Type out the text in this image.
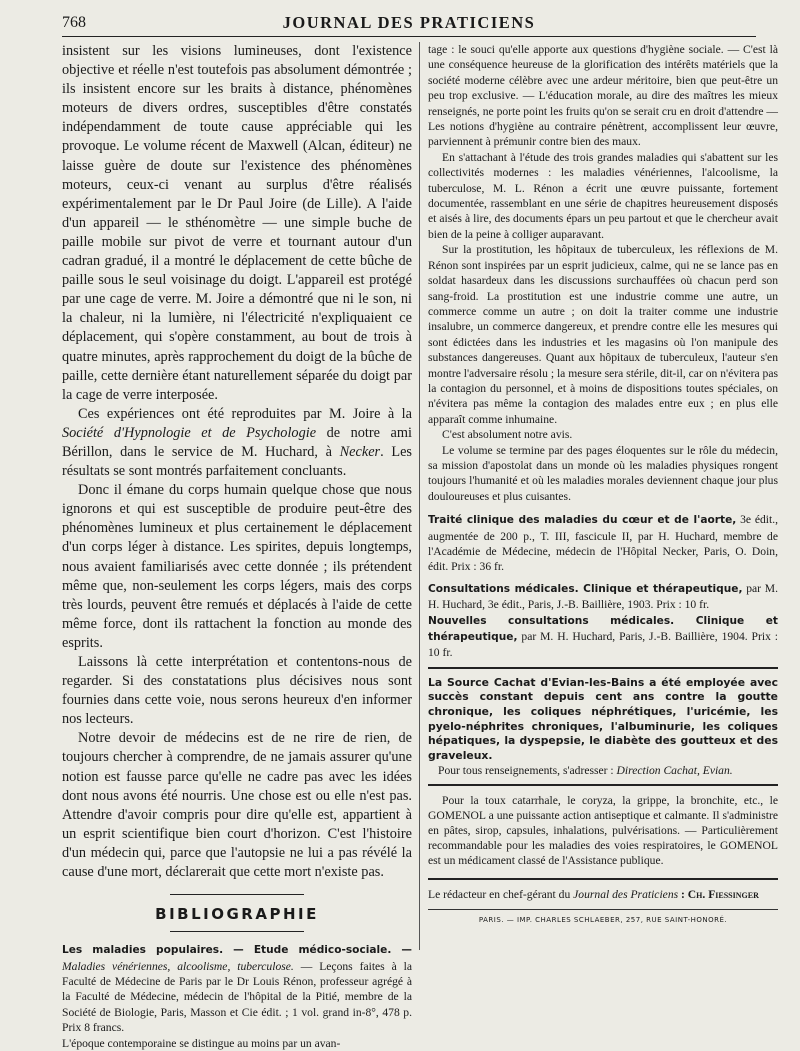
768	JOURNAL DES PRATICIENS

insistent sur les visions lumineuses, dont l'existence objective et réelle n'est toutefois pas absolument démontrée ; ils insistent encore sur les braits à distance, phénomènes moteurs de divers ordres, susceptibles d'être constatés indépendamment de toute cause appréciable qui les provoque. Le volume récent de Maxwell (Alcan, éditeur) ne laisse guère de doute sur l'existence des phénomènes moteurs, ceux-ci venant au surplus d'être réalisés expérimentalement par le Dr Paul Joire (de Lille). A l'aide d'un appareil — le sthénomètre — une simple buche de paille mobile sur pivot de verre et tournant autour d'un cadran gradué, il a montré le déplacement de cette bûche de paille sous le seul voisinage du doigt. L'appareil est protégé par une cage de verre. M. Joire a démontré que ni le son, ni la chaleur, ni la lumière, ni l'électricité n'expliquaient ce déplacement, qui s'opère constamment, au bout de trois à quatre minutes, après rapprochement du doigt de la bûche de paille, cette dernière étant naturellement séparée du doigt par la cage de verre interposée.

Ces expériences ont été reproduites par M. Joire à la Société d'Hypnologie et de Psychologie de notre ami Bérillon, dans le service de M. Huchard, à Necker. Les résultats se sont montrés parfaitement concluants.

Donc il émane du corps humain quelque chose que nous ignorons et qui est susceptible de produire peut-être des phénomènes lumineux et plus certainement le déplacement d'un corps léger à distance. Les spirites, depuis longtemps, nous avaient familiarisés avec cette donnée ; ils prétendent même que, non-seulement les corps légers, mais des corps très lourds, peuvent être remués et déplacés à l'aide de cette même force, dont ils rattachent la fonction au monde des esprits.

Laissons là cette interprétation et contentons-nous de regarder. Si des constatations plus décisives nous sont fournies dans cette voie, nous serons heureux d'en informer nos lecteurs.

Notre devoir de médecins est de ne rire de rien, de toujours chercher à comprendre, de ne jamais assurer qu'une notion est fausse parce qu'elle ne cadre pas avec les idées dont nous avons été nourris. Une chose est ou elle n'est pas. Attendre d'avoir compris pour dire qu'elle est, appartient à un esprit scientifique bien court d'horizon. C'est l'histoire d'un médecin qui, parce que l'autopsie ne lui a pas révélé la cause d'une mort, déclarerait que cette mort n'existe pas.

BIBLIOGRAPHIE

Les maladies populaires. — Etude médico-sociale. — Maladies vénériennes, alcoolisme, tuberculose. — Leçons faites à la Faculté de Médecine de Paris par le Dr Louis Rénon, professeur agrégé à la Faculté de Médecine, médecin de l'hôpital de la Pitié, membre de la Société de Biologie, Paris, Masson et Cie édit. ; 1 vol. grand in-8°, 478 p. Prix 8 francs.

L'époque contemporaine se distingue au moins par un avan-

tage : le souci qu'elle apporte aux questions d'hygiène sociale. — C'est là une conséquence heureuse de la glorification des intérêts matériels que la société moderne célèbre avec une ardeur méritoire, bien que peut-être un peu trop exclusive. — L'éducation morale, au dire des maîtres les mieux renseignés, ne porte point les fruits qu'on se serait cru en droit d'attendre — Les notions d'hygiène au contraire pénètrent, accomplissent leur œuvre, parviennent à prémunir contre bien des maux.

En s'attachant à l'étude des trois grandes maladies qui s'abattent sur les collectivités modernes : les maladies vénériennes, l'alcoolisme, la tuberculose, M. L. Rénon a écrit une œuvre puissante, fortement documentée, rassemblant en une série de chapitres heureusement disposés et aisés à lire, des documents épars un peu partout et que le chercheur avait bien de la peine à colliger auparavant.

Sur la prostitution, les hôpitaux de tuberculeux, les réflexions de M. Rénon sont inspirées par un esprit judicieux, calme, qui ne se lance pas en soldat hasardeux dans les discussions surchauffées où chacun perd son sang-froid. La prostitution est une industrie comme une autre, un commerce comme un autre ; on doit la traiter comme une industrie insalubre, un commerce dangereux, et prendre contre elle les mesures qui sont édictées dans les industries et les magasins où l'on manipule des substances dangereuses. Quant aux hôpitaux de tuberculeux, l'auteur s'en montre l'adversaire résolu ; la mesure sera stérile, dit-il, car on n'évitera pas la contagion du personnel, et à moins de dispositions toutes spéciales, on n'évitera pas même la contagion des malades entre eux ; en plus elle apparaît comme inhumaine.

C'est absolument notre avis.

Le volume se termine par des pages éloquentes sur le rôle du médecin, sa mission d'apostolat dans un monde où les maladies physiques rongent toujours l'humanité et où les maladies morales deviennent chaque jour plus douloureuses et plus cuisantes.

Traité clinique des maladies du cœur et de l'aorte, 3e édit., augmentée de 200 p., T. III, fascicule II, par H. Huchard, membre de l'Académie de Médecine, médecin de l'Hôpital Necker, Paris, O. Doin, édit. Prix : 36 fr.

Consultations médicales. Clinique et thérapeutique, par M. H. Huchard, 3e édit., Paris, J.-B. Baillière, 1903. Prix : 10 fr.

Nouvelles consultations médicales. Clinique et thérapeutique, par M. H. Huchard, Paris, J.-B. Baillière, 1904. Prix : 10 fr.

La Source Cachat d'Evian-les-Bains a été employée avec succès constant depuis cent ans contre la goutte chronique, les coliques néphrétiques, l'uricémie, les pyelo-néphrites chroniques, l'albuminurie, les coliques hépatiques, la dyspepsie, le diabète des goutteux et des graveleux.

Pour tous renseignements, s'adresser : Direction Cachat, Evian.

Pour la toux catarrhale, le coryza, la grippe, la bronchite, etc., le GOMENOL a une puissante action antiseptique et calmante. Il s'administre en pâtes, sirop, capsules, inhalations, pulvérisations. — Particulièrement recommandable pour les maladies des voies respiratoires, le GOMENOL est un médicament classé de l'Assistance publique.

Le rédacteur en chef-gérant du Journal des Praticiens : Ch. Fiessinger

PARIS. — IMP. CHARLES SCHLAEBER, 257, RUE SAINT-HONORÉ.
